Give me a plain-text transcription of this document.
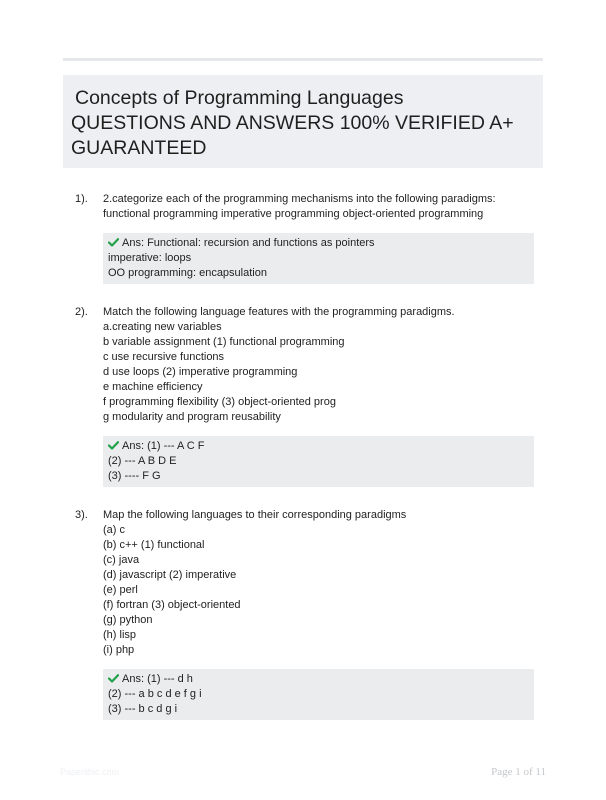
Concepts of Programming Languages
QUESTIONS AND ANSWERS 100% VERIFIED A+
GUARANTEED
1). 2.categorize each of the programming mechanisms into the following paradigms:
functional programming imperative programming object-oriented programming
Ans: Functional: recursion and functions as pointers
imperative: loops
OO programming: encapsulation
2). Match the following language features with the programming paradigms.
a.creating new variables
b variable assignment (1) functional programming
c use recursive functions
d use loops (2) imperative programming
e machine efficiency
f programming flexibility (3) object-oriented prog
g modularity and program reusability
Ans: (1) --- A C F
(2) --- A B D E
(3) ---- F G
3). Map the following languages to their corresponding paradigms
(a) c
(b) c++ (1) functional
(c) java
(d) javascript (2) imperative
(e) perl
(f) fortran (3) object-oriented
(g) python
(h) lisp
(i) php
Ans: (1) --- d h
(2) --- a b c d e f g i
(3) --- b c d g i
Paperlibic.com	Page 1 of 11
